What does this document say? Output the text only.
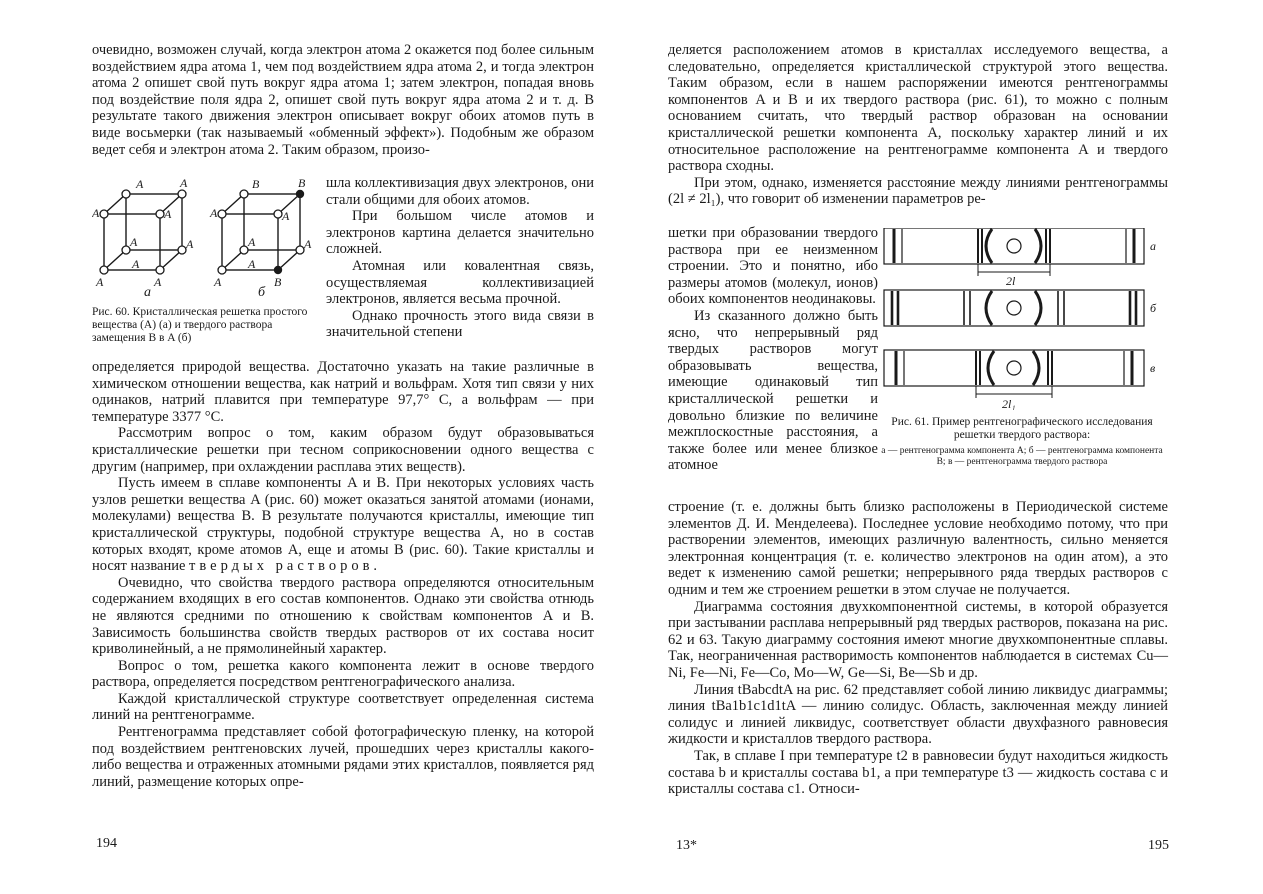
очевидно, возможен случай, когда электрон атома 2 окажется под более сильным воздействием ядра атома 1, чем под воздействием ядра атома 2, и тогда электрон атома 2 опишет свой путь вокруг ядра атома 1; затем электрон, попадая вновь под воздействие поля ядра 2, опишет свой путь вокруг ядра атома 2 и т. д. В результате такого движения электрон описывает вокруг обоих атомов путь в виде восьмерки (так называемый «обменный эффект»). Подобным же образом ведет себя и электрон атома 2. Таким образом, произо-

A	A
A	A
A	A
A	A
A
B	B
A	A
A	A
A	B
A
а	б
Рис. 60. Кристаллическая решетка простого вещества (A) (а) и твердого раствора замещения B в A (б)

шла коллективизация двух электронов, они стали общими для обоих атомов.

При большом числе атомов и электронов картина делается значительно сложней.

Атомная или ковалентная связь, осуществляемая коллективизацией электронов, является весьма прочной.

Однако прочность этого вида связи в значительной степени

определяется природой вещества. Достаточно указать на такие различные в химическом отношении вещества, как натрий и вольфрам. Хотя тип связи у них одинаков, натрий плавится при температуре 97,7° C, а вольфрам — при температуре 3377 °C.

Рассмотрим вопрос о том, каким образом будут образовываться кристаллические решетки при тесном соприкосновении одного вещества с другим (например, при охлаждении расплава этих веществ).

Пусть имеем в сплаве компоненты A и B. При некоторых условиях часть узлов решетки вещества A (рис. 60) может оказаться занятой атомами (ионами, молекулами) вещества B. В результате получаются кристаллы, имеющие тип кристаллической структуры, подобной структуре вещества A, но в состав которых входят, кроме атомов A, еще и атомы B (рис. 60). Такие кристаллы и носят название твердых растворов.

Очевидно, что свойства твердого раствора определяются относительным содержанием входящих в его состав компонентов. Однако эти свойства отнюдь не являются средними по отношению к свойствам компонентов A и B. Зависимость большинства свойств твердых растворов от их состава носит криволинейный, а не прямолинейный характер.

Вопрос о том, решетка какого компонента лежит в основе твердого раствора, определяется посредством рентгенографического анализа.

Каждой кристаллической структуре соответствует определенная система линий на рентгенограмме.

Рентгенограмма представляет собой фотографическую пленку, на которой под воздействием рентгеновских лучей, прошедших через кристаллы какого-либо вещества и отраженных атомными рядами этих кристаллов, появляется ряд линий, размещение которых опре-

194

деляется расположением атомов в кристаллах исследуемого вещества, а следовательно, определяется кристаллической структурой этого вещества. Таким образом, если в нашем распоряжении имеются рентгенограммы компонентов A и B и их твердого раствора (рис. 61), то можно с полным основанием считать, что твердый раствор образован на основании кристаллической решетки компонента A, поскольку характер линий и их относительное расположение на рентгенограмме компонента A и твердого раствора сходны.

При этом, однако, изменяется расстояние между линиями рентгенограммы (2l ≠ 2l₁), что говорит об изменении параметров ре-

шетки при образовании твердого раствора при ее неизменном строении. Это и понятно, ибо размеры атомов (молекул, ионов) обоих компонентов неодинаковы.

Из сказанного должно быть ясно, что непрерывный ряд твердых растворов могут образовывать вещества, имеющие одинаковый тип кристаллической решетки и довольно близкие по величине межплоскостные расстояния, а также более или менее близкое атомное

а
б
в
2l
2l₁
Рис. 61. Пример рентгенографического исследования решетки твердого раствора:
а — рентгенограмма компонента A; б — рентгенограмма компонента B; в — рентгенограмма твердого раствора

строение (т. е. должны быть близко расположены в Периодической системе элементов Д. И. Менделеева). Последнее условие необходимо потому, что при растворении элементов, имеющих различную валентность, сильно меняется электронная концентрация (т. е. количество электронов на один атом), а это ведет к изменению самой решетки; непрерывного ряда твердых растворов с одним и тем же строением решетки в этом случае не получается.

Диаграмма состояния двухкомпонентной системы, в которой образуется при застывании расплава непрерывный ряд твердых растворов, показана на рис. 62 и 63. Такую диаграмму состояния имеют многие двухкомпонентные сплавы. Так, неограниченная растворимость компонентов наблюдается в системах Cu—Ni, Fe—Ni, Fe—Co, Mo—W, Ge—Si, Be—Sb и др.

Линия tBabcdtA на рис. 62 представляет собой линию ликвидус диаграммы; линия tBa1b1c1d1tA — линию солидус. Область, заключенная между линией солидус и линией ликвидус, соответствует области двухфазного равновесия жидкости и кристаллов твердого раствора.

Так, в сплаве I при температуре t2 в равновесии будут находиться жидкость состава b и кристаллы состава b1, а при температуре t3 — жидкость состава c и кристаллы состава c1. Относи-

13*	195
